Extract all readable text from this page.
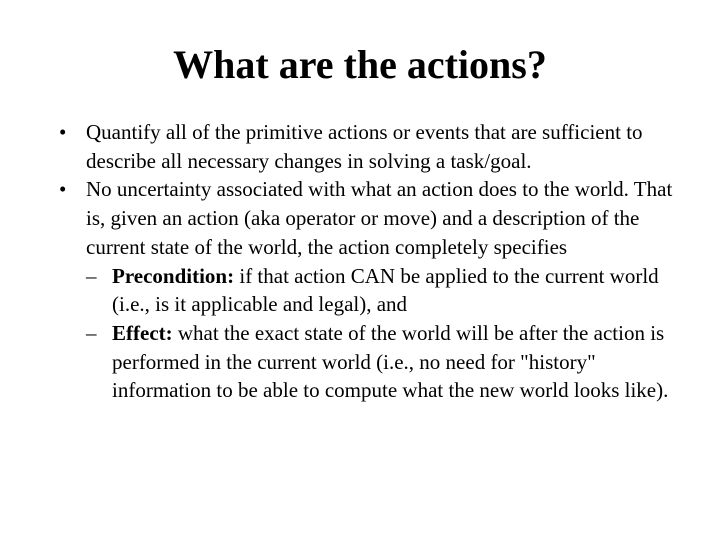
What are the actions?
• Quantify all of the primitive actions or events that are sufficient to describe all necessary changes in solving a task/goal.
• No uncertainty associated with what an action does to the world. That is, given an action (aka operator or move) and a description of the current state of the world, the action completely specifies
– Precondition: if that action CAN be applied to the current world (i.e., is it applicable and legal), and
– Effect: what the exact state of the world will be after the action is performed in the current world (i.e., no need for "history" information to be able to compute what the new world looks like).
